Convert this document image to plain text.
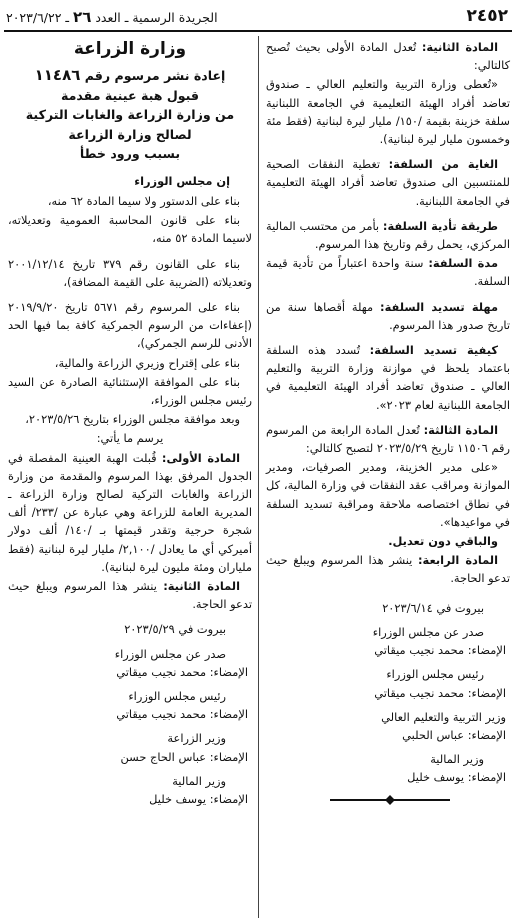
٢٤٥٢
الجريدة الرسمية ـ العدد ٢٦ ـ ٢٠٢٣/٦/٢٢

المادة الثانية: تُعدل المادة الأولى بحيث تُصبح كالتالي:

«تُعطى وزارة التربية والتعليم العالي ـ صندوق تعاضد أفراد الهيئة التعليمية في الجامعة اللبنانية سلفة خزينة بقيمة /١٥٠/ مليار ليرة لبنانية (فقط مئة وخمسون مليار ليرة لبنانية).

الغاية من السلفة: تغطية النفقات الصحية للمنتسبين الى صندوق تعاضد أفراد الهيئة التعليمية في الجامعة اللبنانية.

طريقة تأدية السلفة: بأمر من محتسب المالية المركزي، يحمل رقم وتاريخ هذا المرسوم.

مدة السلفة: سنة واحدة اعتباراً من تأدية قيمة السلفة.

مهلة تسديد السلفة: مهلة أقصاها سنة من تاريخ صدور هذا المرسوم.

كيفية تسديد السلفة: تُسدد هذه السلفة باعتماد يلحظ في موازنة وزارة التربية والتعليم العالي ـ صندوق تعاضد أفراد الهيئة التعليمية في الجامعة اللبنانية لعام ٢٠٢٣».

المادة الثالثة: تُعدل المادة الرابعة من المرسوم رقم ١١٥٠٦ تاريخ ٢٠٢٣/٥/٢٩ لتصبح كالتالي:

«على مدير الخزينة، ومدير الصرفيات، ومدير الموازنة ومراقب عقد النفقات في وزارة المالية، كل في نطاق اختصاصه ملاحقة ومراقبة تسديد السلفة في مواعيدها».

والباقي دون تعديل.

المادة الرابعة: ينشر هذا المرسوم ويبلغ حيث تدعو الحاجة.

بيروت في ٢٠٢٣/٦/١٤

صدر عن مجلس الوزراء

الإمضاء: محمد نجيب ميقاتي

رئيس مجلس الوزراء

الإمضاء: محمد نجيب ميقاتي

وزير التربية والتعليم العالي

الإمضاء: عباس الحلبي

وزير المالية

الإمضاء: يوسف خليل

وزارة الزراعة
إعادة نشر مرسوم رقم ١١٤٨٦
قبول هبة عينية مقدمة
من وزارة الزراعة والغابات التركية
لصالح وزارة الزراعة
بسبب ورود خطأ

إن مجلس الوزراء

بناء على الدستور ولا سيما المادة ٦٢ منه،

بناء على قانون المحاسبة العمومية وتعديلاته، لاسيما المادة ٥٢ منه،

بناء على القانون رقم ٣٧٩ تاريخ ٢٠٠١/١٢/١٤ وتعديلاته (الضريبة على القيمة المضافة)،

بناء على المرسوم رقم ٥٦٧١ تاريخ ٢٠١٩/٩/٢٠ (إعفاءات من الرسوم الجمركية كافة بما فيها الحد الأدنى للرسم الجمركي)،

بناء على إقتراح وزيري الزراعة والمالية،

بناء على الموافقة الإستثنائية الصادرة عن السيد رئيس مجلس الوزراء،

وبعد موافقة مجلس الوزراء بتاريخ ٢٠٢٣/٥/٢٦،

يرسم ما يأتي:

المادة الأولى: قُبلت الهبة العينية المفصلة في الجدول المرفق بهذا المرسوم والمقدمة من وزارة الزراعة والغابات التركية لصالح وزارة الزراعة ـ المديرية العامة للزراعة وهي عبارة عن /٢٣٣/ ألف شجرة حرجية وتقدر قيمتها بـ /١٤٠/ ألف دولار أميركي أي ما يعادل /٢,١٠٠/ مليار ليرة لبنانية (فقط ملياران ومئة مليون ليرة لبنانية).

المادة الثانية: ينشر هذا المرسوم ويبلغ حيث تدعو الحاجة.

بيروت في ٢٠٢٣/٥/٢٩

صدر عن مجلس الوزراء

الإمضاء: محمد نجيب ميقاتي

رئيس مجلس الوزراء

الإمضاء: محمد نجيب ميقاتي

وزير الزراعة

الإمضاء: عباس الحاج حسن

وزير المالية

الإمضاء: يوسف خليل
